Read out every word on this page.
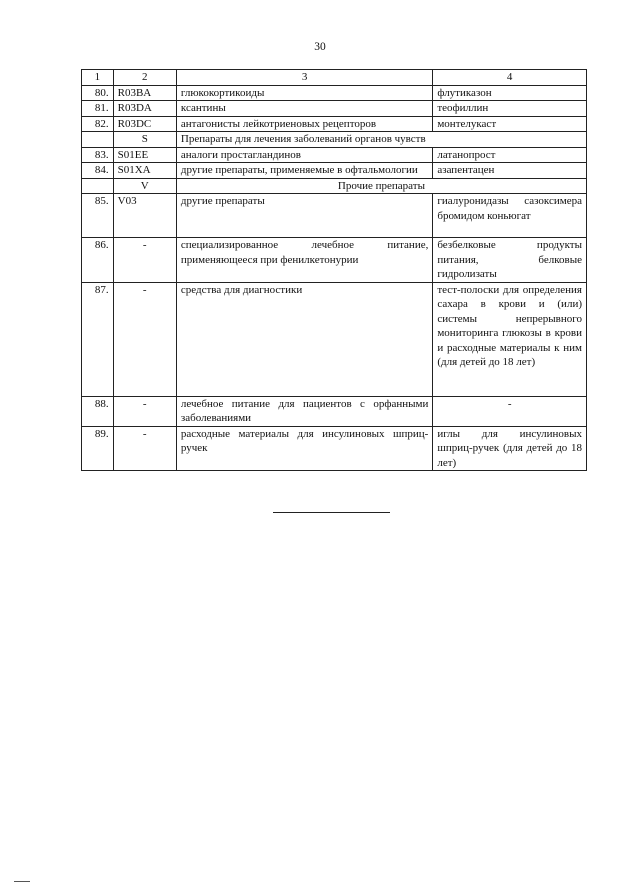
30
1	2	3	4
80.	R03BA	глюкокортикоиды	флутиказон
81.	R03DA	ксантины	теофиллин
82.	R03DC	антагонисты лейкотриеновых рецепторов	монтелукаст
	S	Препараты для лечения заболеваний органов чувств	
83.	S01EE	аналоги простагландинов	латанопрост
84.	S01XA	другие препараты, применяемые в офтальмологии	азапентацен
	V	Прочие препараты	
85.	V03	другие препараты	гиалуронидазы сазоксимера бромидом коньюгат
86.	-	специализированное лечебное питание, применяющееся при фенилкетонурии	безбелковые продукты питания, белковые гидролизаты
87.	-	средства для диагностики	тест-полоски для определения сахара в крови и (или) системы непрерывного мониторинга глюкозы в крови и расходные материалы к ним (для детей до 18 лет)
88.	-	лечебное питание для пациентов с орфанными заболеваниями	-
89.	-	расходные материалы для инсулиновых шприц-ручек	иглы для инсулиновых шприц-ручек (для детей до 18 лет)
